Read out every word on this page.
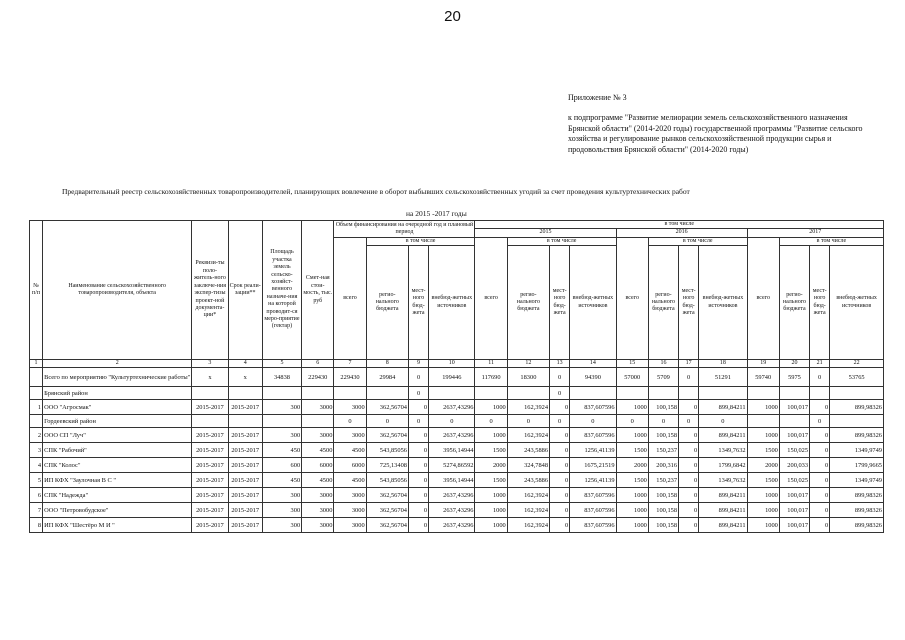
20
Приложение № 3
к подпрограмме "Развитие мелиорации земель сельскохозяйственного назначения Брянской области" (2014-2020 годы) государственной программы "Развитие сельского хозяйства и регулирование рынков сельскохозяйственной продукции сырья и продовольствия Брянской области" (2014-2020 годы)
Предварительный реестр сельскохозяйственных товаропроизводителей, планирующих вовлечение в оборот выбывших сельскохозяйственных угодий за счет проведения культуртехнических работ
на 2015 -2017 годы
№ п/п	Наименование сельскохозяйственного товаропроизводителя, объекта	Реквизи-ты поло-житель-ного заключе-ния экспер-тизы проект-ной документа-ции*	Срок реали-зации**	Площадь участка земель сельско-хозяйст-венного назначе-ния на которой проводит-ся меро-приятие (гектар)	Смет-ная стои-мость, тыс. руб	Объем финансирования на очередной год и плановый период				в том числе											
										2015				2016				2017			
						всего	в том числе			всего	в том числе			всего	в том числе			всего	в том числе		
							регио-нального бюджета	мест-ного бюд-жета	внебюд-жетных источников		регио-нального бюджета	мест-ного бюд-жета	внебюд-жетных источников		регио-нального бюджета	мест-ного бюд-жета	внебюд-жетных источников		регио-нального бюджета	мест-ного бюд-жета	внебюд-жетных источников
1	2	3	4	5	6	7	8	9	10	11	12	13	14	15	16	17	18	19	20	21	22
	Всего по мероприятию "Культуртехнические работы"	х	х	34838	229430	229430	29984	0	199446	117690	18300	0	94390	57000	5709	0	51291	59740	5975	0	53765
	Брянский район							0				0									
1	ООО "Агросмак"	2015-2017	2015-2017	300	3000	3000	362,56704	0	2637,43296	1000	162,3924	0	837,607596	1000	100,158	0	899,84211	1000	100,017	0	899,98326
	Гордеевский район					0	0	0	0	0	0	0	0	0	0	0	0			0	
2	ООО СП "Луч"	2015-2017	2015-2017	300	3000	3000	362,56704	0	2637,43296	1000	162,3924	0	837,607596	1000	100,158	0	899,84211	1000	100,017	0	899,98326
3	СПК "Рабочий"	2015-2017	2015-2017	450	4500	4500	543,85056	0	3956,14944	1500	243,5886	0	1256,41139	1500	150,237	0	1349,7632	1500	150,025	0	1349,9749
4	СПК "Колос"	2015-2017	2015-2017	600	6000	6000	725,13408	0	5274,86592	2000	324,7848	0	1675,21519	2000	200,316	0	1799,6842	2000	200,033	0	1799,9665
5	ИП КФХ "Заулочная В С "	2015-2017	2015-2017	450	4500	4500	543,85056	0	3956,14944	1500	243,5886	0	1256,41139	1500	150,237	0	1349,7632	1500	150,025	0	1349,9749
6	СПК "Надежда"	2015-2017	2015-2017	300	3000	3000	362,56704	0	2637,43296	1000	162,3924	0	837,607596	1000	100,158	0	899,84211	1000	100,017	0	899,98326
7	ООО "Петровобудское"	2015-2017	2015-2017	300	3000	3000	362,56704	0	2637,43296	1000	162,3924	0	837,607596	1000	100,158	0	899,84211	1000	100,017	0	899,98326
8	ИП КФХ "Шестёро М И "	2015-2017	2015-2017	300	3000	3000	362,56704	0	2637,43296	1000	162,3924	0	837,607596	1000	100,158	0	899,84211	1000	100,017	0	899,98326
